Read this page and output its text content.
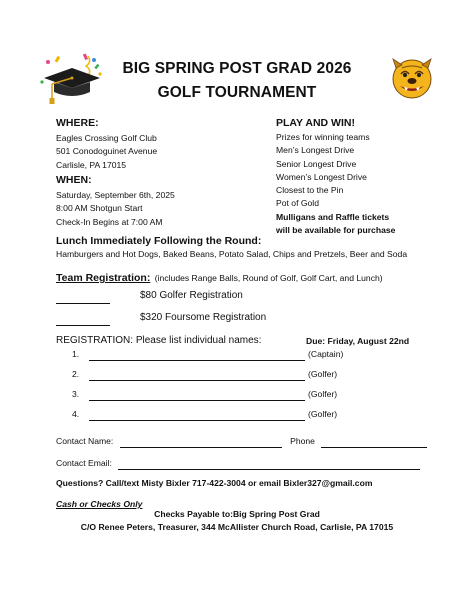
BIG SPRING POST GRAD 2026
GOLF TOURNAMENT
WHERE:
Eagles Crossing Golf Club
501 Conodoguinet Avenue
Carlisle, PA 17015
WHEN:
Saturday, September 6th, 2025
8:00 AM Shotgun Start
Check-In Begins at 7:00 AM
PLAY AND WIN!
Prizes for winning teams
Men’s Longest Drive
Senior Longest Drive
Women’s Longest Drive
Closest to the Pin
Pot of Gold
Mulligans and Raffle tickets
will be available for purchase
Lunch Immediately Following the Round:
Hamburgers and Hot Dogs, Baked Beans, Potato Salad, Chips and Pretzels, Beer and Soda
Team Registration: (includes Range Balls, Round of Golf, Golf Cart, and Lunch)
$80 Golfer Registration
$320 Foursome Registration
REGISTRATION: Please list individual names:	Due: Friday, August 22nd
1.	(Captain)
2.	(Golfer)
3.	(Golfer)
4.	(Golfer)
Contact Name:	Phone
Contact Email:
Questions? Call/text Misty Bixler 717-422-3004 or email Bixler327@gmail.com
Cash or Checks Only
Checks Payable to:Big Spring Post Grad
C/O Renee Peters, Treasurer, 344 McAllister Church Road, Carlisle, PA 17015
